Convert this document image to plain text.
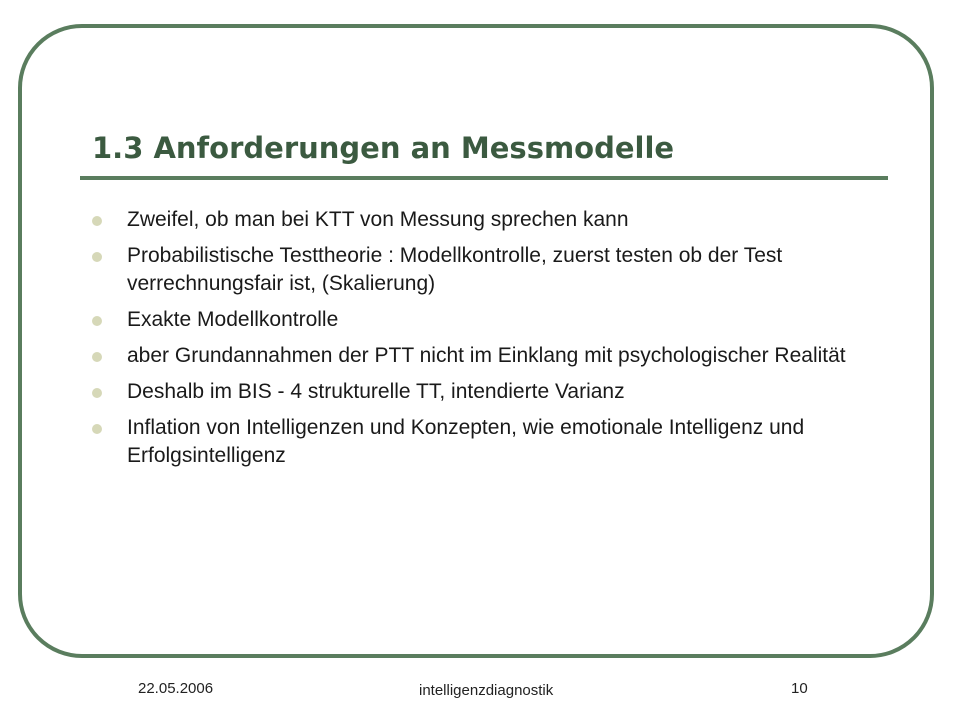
1.3 Anforderungen an Messmodelle
Zweifel, ob man bei KTT von Messung sprechen kann
Probabilistische Testtheorie : Modellkontrolle, zuerst testen ob der Test verrechnungsfair ist, (Skalierung)
Exakte Modellkontrolle
aber Grundannahmen der PTT nicht im Einklang mit psychologischer Realität
Deshalb im BIS - 4 strukturelle TT, intendierte Varianz
Inflation von Intelligenzen und Konzepten, wie emotionale Intelligenz und Erfolgsintelligenz
22.05.2006	intelligenzdiagnostik	10
